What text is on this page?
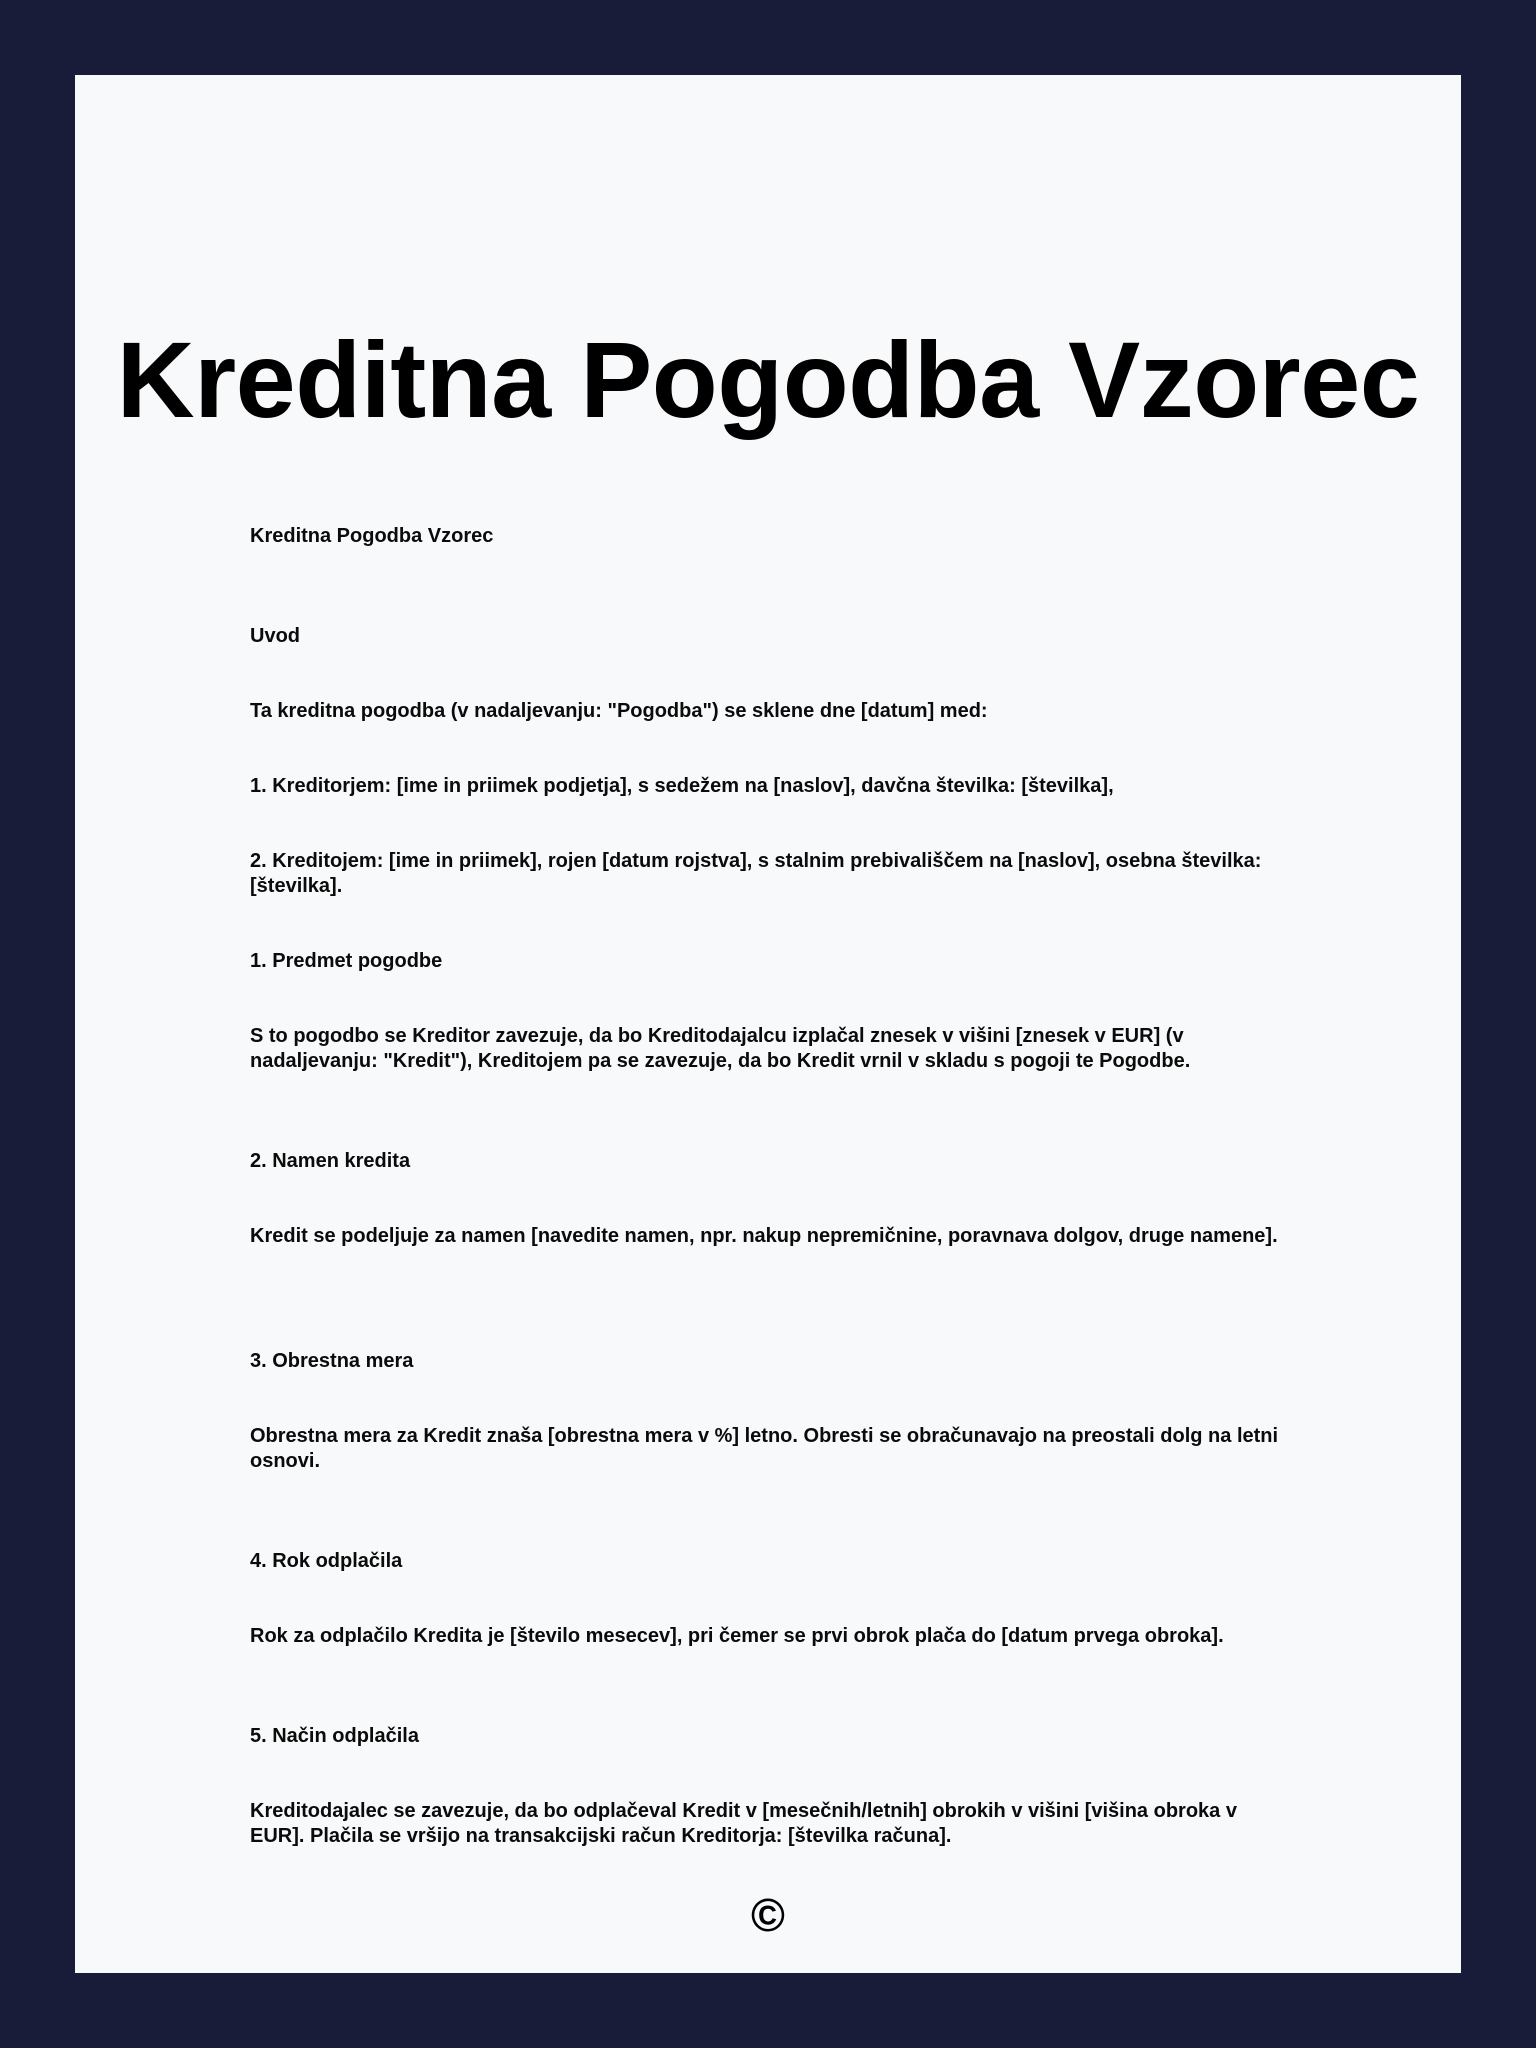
Kreditna Pogodba Vzorec

Kreditna Pogodba Vzorec

Uvod

Ta kreditna pogodba (v nadaljevanju: "Pogodba") se sklene dne [datum] med:

1. Kreditorjem: [ime in priimek podjetja], s sedežem na [naslov], davčna številka: [številka],

2. Kreditojem: [ime in priimek], rojen [datum rojstva], s stalnim prebivališčem na [naslov], osebna številka: [številka].

1. Predmet pogodbe

S to pogodbo se Kreditor zavezuje, da bo Kreditodajalcu izplačal znesek v višini [znesek v EUR] (v nadaljevanju: "Kredit"), Kreditojem pa se zavezuje, da bo Kredit vrnil v skladu s pogoji te Pogodbe.

2. Namen kredita

Kredit se podeljuje za namen [navedite namen, npr. nakup nepremičnine, poravnava dolgov, druge namene].

3. Obrestna mera

Obrestna mera za Kredit znaša [obrestna mera v %] letno. Obresti se obračunavajo na preostali dolg na letni osnovi.

4. Rok odplačila

Rok za odplačilo Kredita je [število mesecev], pri čemer se prvi obrok plača do [datum prvega obroka].

5. Način odplačila

Kreditodajalec se zavezuje, da bo odplačeval Kredit v [mesečnih/letnih] obrokih v višini [višina obroka v EUR]. Plačila se vršijo na transakcijski račun Kreditorja: [številka računa].

©
